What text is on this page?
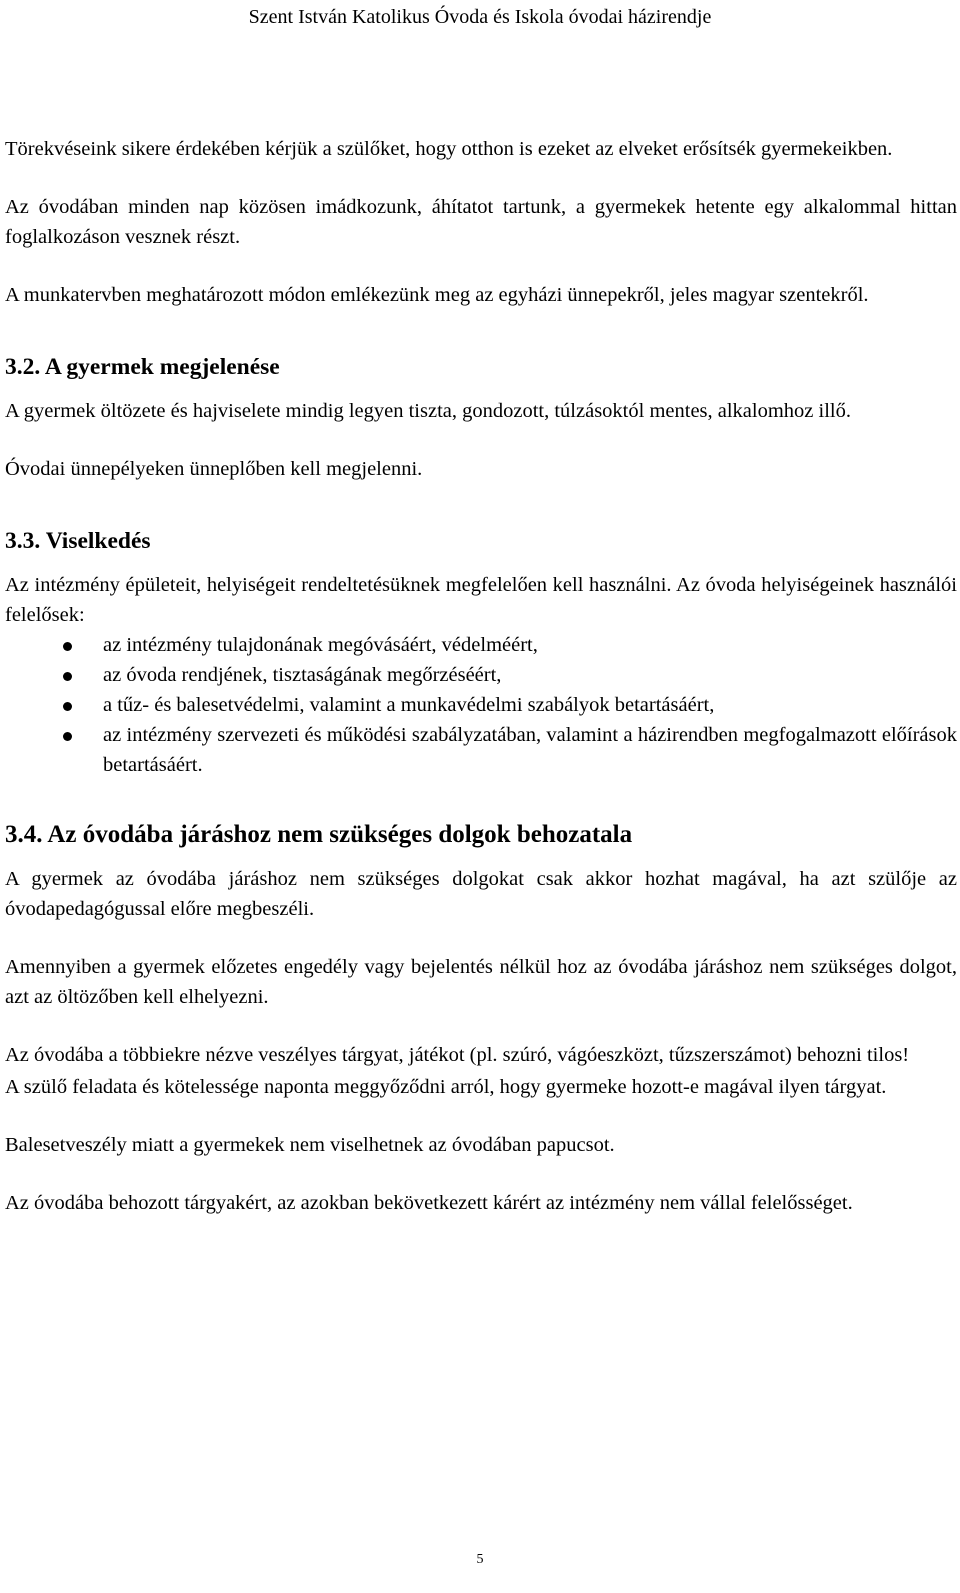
Szent István Katolikus Óvoda és Iskola óvodai házirendje

Törekvéseink sikere érdekében kérjük a szülőket, hogy otthon is ezeket az elveket erősítsék gyermekeikben.

Az óvodában minden nap közösen imádkozunk, áhítatot tartunk, a gyermekek hetente egy alkalommal hittan foglalkozáson vesznek részt.

A munkatervben meghatározott módon emlékezünk meg az egyházi ünnepekről, jeles magyar szentekről.

3.2. A gyermek megjelenése

A gyermek öltözete és hajviselete mindig legyen tiszta, gondozott, túlzásoktól mentes, alkalomhoz illő.

Óvodai ünnepélyeken ünneplőben kell megjelenni.

3.3. Viselkedés

Az intézmény épületeit, helyiségeit rendeltetésüknek megfelelően kell használni. Az óvoda helyiségeinek használói felelősek:

az intézmény tulajdonának megóvásáért, védelméért,
az óvoda rendjének, tisztaságának megőrzéséért,
a tűz- és balesetvédelmi, valamint a munkavédelmi szabályok betartásáért,
az intézmény szervezeti és működési szabályzatában, valamint a házirendben megfogalmazott előírások betartásáért.
3.4. Az óvodába járáshoz nem szükséges dolgok behozatala

A gyermek az óvodába járáshoz nem szükséges dolgokat csak akkor hozhat magával, ha azt szülője az óvodapedagógussal előre megbeszéli.

Amennyiben a gyermek előzetes engedély vagy bejelentés nélkül hoz az óvodába járáshoz nem szükséges dolgot, azt az öltözőben kell elhelyezni.

Az óvodába a többiekre nézve veszélyes tárgyat, játékot (pl. szúró, vágóeszközt, tűzszerszámot) behozni tilos!

A szülő feladata és kötelessége naponta meggyőződni arról, hogy gyermeke hozott-e magával ilyen tárgyat.

Balesetveszély miatt a gyermekek nem viselhetnek az óvodában papucsot.

Az óvodába behozott tárgyakért, az azokban bekövetkezett kárért az intézmény nem vállal felelősséget.

5
